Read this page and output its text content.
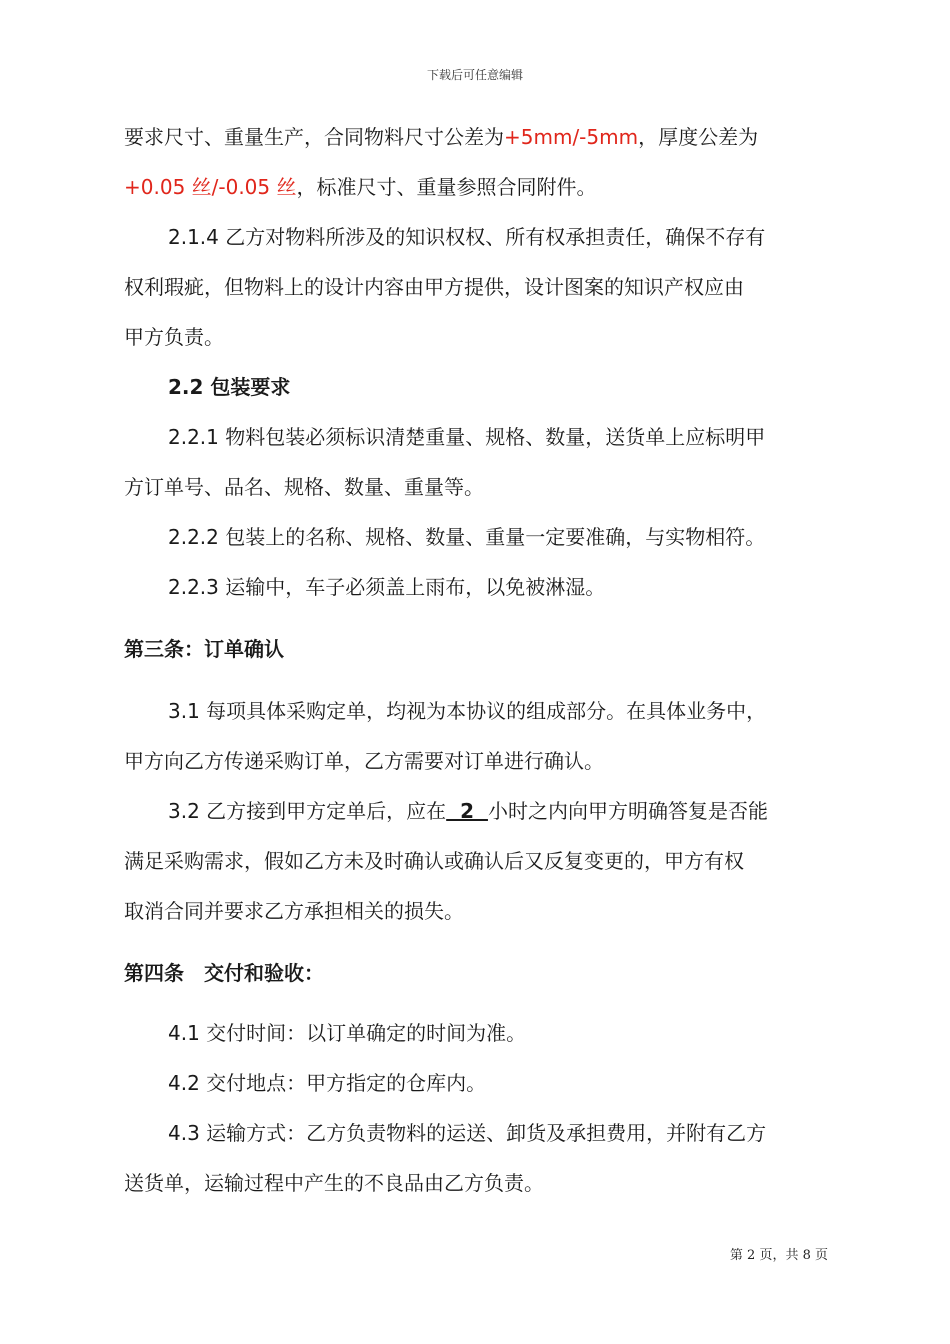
下载后可任意编辑
要求尺寸、重量生产，合同物料尺寸公差为+5mm/-5mm，厚度公差为
+0.05 丝/-0.05 丝，标准尺寸、重量参照合同附件。
2.1.4 乙方对物料所涉及的知识权权、所有权承担责任，确保不存有
权利瑕疵，但物料上的设计内容由甲方提供，设计图案的知识产权应由
甲方负责。
2.2 包装要求
2.2.1 物料包装必须标识清楚重量、规格、数量，送货单上应标明甲
方订单号、品名、规格、数量、重量等。
2.2.2 包装上的名称、规格、数量、重量一定要准确，与实物相符。
2.2.3 运输中，车子必须盖上雨布，以免被淋湿。
第三条：订单确认
3.1 每项具体采购定单，均视为本协议的组成部分。在具体业务中，
甲方向乙方传递采购订单，乙方需要对订单进行确认。
3.2 乙方接到甲方定单后，应在  2  小时之内向甲方明确答复是否能
满足采购需求，假如乙方未及时确认或确认后又反复变更的，甲方有权
取消合同并要求乙方承担相关的损失。
第四条　交付和验收：
4.1 交付时间：以订单确定的时间为准。
4.2 交付地点：甲方指定的仓库内。
4.3 运输方式：乙方负责物料的运送、卸货及承担费用，并附有乙方
送货单，运输过程中产生的不良品由乙方负责。
第 2 页，共 8 页
